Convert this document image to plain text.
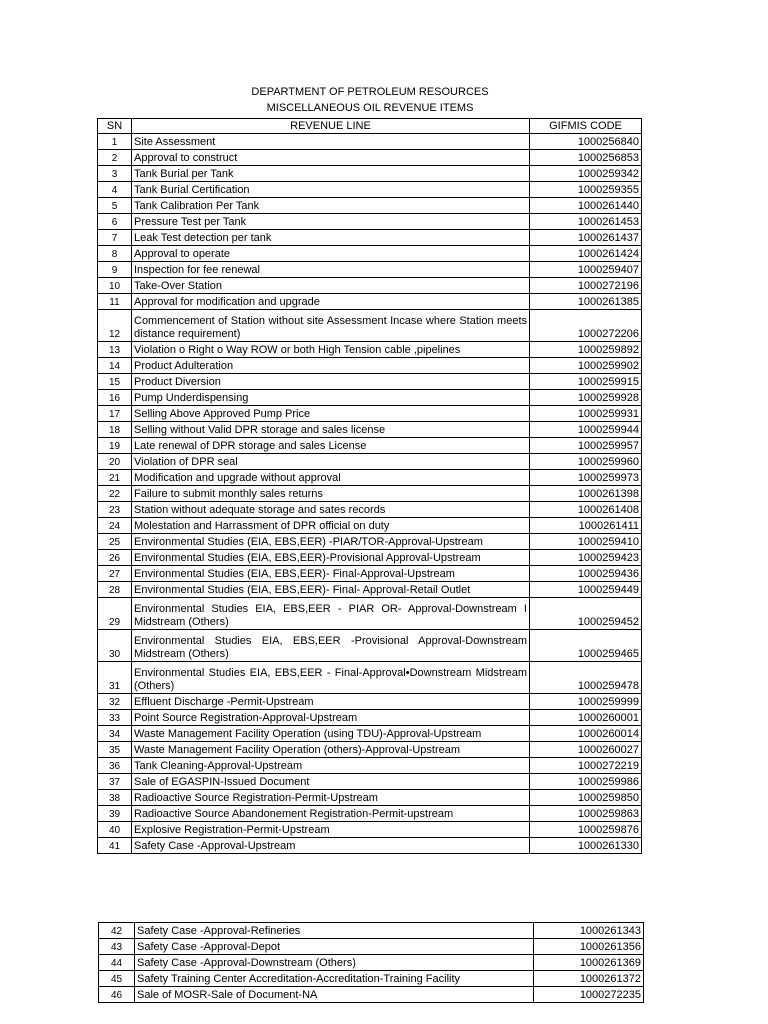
DEPARTMENT OF PETROLEUM RESOURCES
MISCELLANEOUS OIL REVENUE ITEMS
SN	REVENUE LINE	GIFMIS CODE
1	Site Assessment	1000256840
2	Approval to construct	1000256853
3	Tank Burial per Tank	1000259342
4	Tank Burial Certification	1000259355
5	Tank Calibration Per Tank	1000261440
6	Pressure Test per Tank	1000261453
7	Leak Test detection per tank	1000261437
8	Approval to operate	1000261424
9	Inspection for fee renewal	1000259407
10	Take-Over Station	1000272196
11	Approval for modification and upgrade	1000261385
12	Commencement of Station without site Assessment Incase where Station meets distance requirement)	1000272206
13	Violation o Right o Way ROW or both High Tension cable ,pipelines	1000259892
14	Product Adulteration	1000259902
15	Product Diversion	1000259915
16	Pump Underdispensing	1000259928
17	Selling Above Approved Pump Price	1000259931
18	Selling without Valid DPR storage and sales license	1000259944
19	Late renewal of DPR storage and sales License	1000259957
20	Violation of DPR seal	1000259960
21	Modification and upgrade without approval	1000259973
22	Failure to submit monthly sales returns	1000261398
23	Station without adequate storage and sates records	1000261408
24	Molestation and Harrassment of DPR official on duty	1000261411
25	Environmental Studies (EIA, EBS,EER) -PIAR/TOR-Approval-Upstream	1000259410
26	Environmental Studies (EIA, EBS,EER)-Provisional Approval-Upstream	1000259423
27	Environmental Studies (EIA, EBS,EER)- Final-Approval-Upstream	1000259436
28	Environmental Studies (EIA, EBS,EER)- Final- Approval-Retail Outlet	1000259449
29	Environmental Studies EIA, EBS,EER - PIAR OR- Approval-Downstream I Midstream (Others)	1000259452
30	Environmental Studies EIA, EBS,EER -Provisional Approval-Downstream Midstream (Others)	1000259465
31	Environmental Studies EIA, EBS,EER - Final-Approval•Downstream Midstream (Others)	1000259478
32	Effluent Discharge -Permit-Upstream	1000259999
33	Point Source Registration-Approval-Upstream	1000260001
34	Waste Management Facility Operation (using TDU)-Approval-Upstream	1000260014
35	Waste Management Facility Operation (others)-Approval-Upstream	1000260027
36	Tank Cleaning-Approval-Upstream	1000272219
37	Sale of EGASPIN-Issued Document	1000259986
38	Radioactive Source Registration-Permit-Upstream	1000259850
39	Radioactive Source Abandonement Registration-Permit-upstream	1000259863
40	Explosive Registration-Permit-Upstream	1000259876
41	Safety Case -Approval-Upstream	1000261330
42	Safety Case -Approval-Refineries	1000261343
43	Safety Case -Approval-Depot	1000261356
44	Safety Case -Approval-Downstream (Others)	1000261369
45	Safety Training Center Accreditation-Accreditation-Training Facility	1000261372
46	Sale of MOSR-Sale of Document-NA	1000272235
